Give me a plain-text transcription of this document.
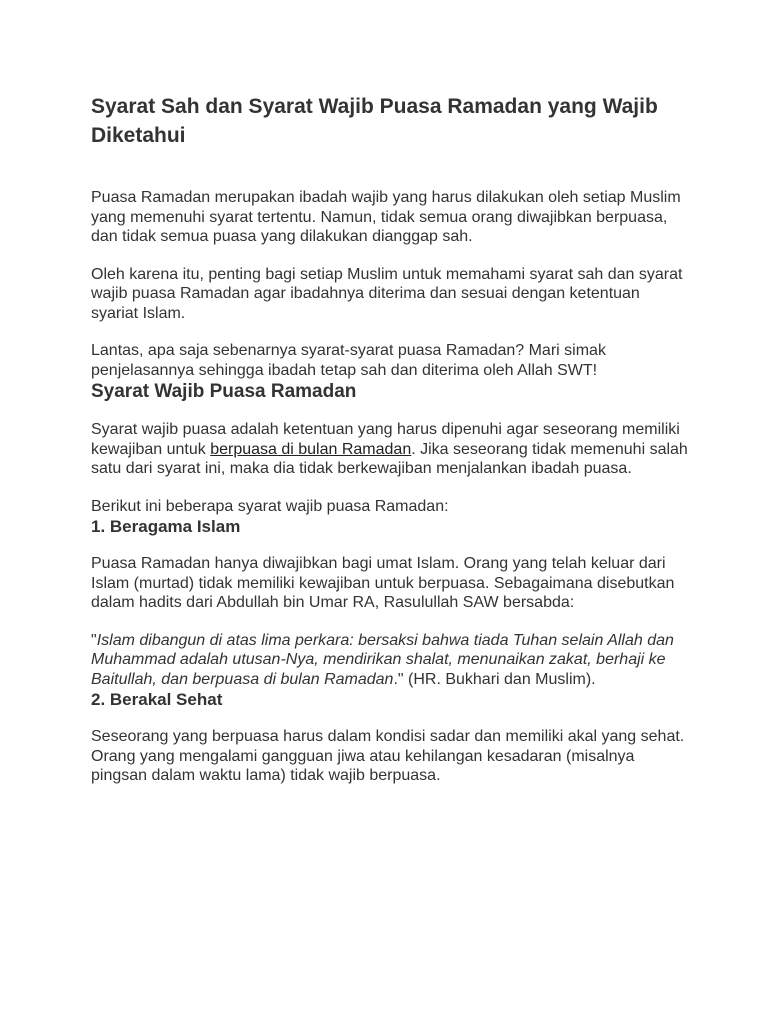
Syarat Sah dan Syarat Wajib Puasa Ramadan yang Wajib Diketahui

Puasa Ramadan merupakan ibadah wajib yang harus dilakukan oleh setiap Muslim yang memenuhi syarat tertentu. Namun, tidak semua orang diwajibkan berpuasa, dan tidak semua puasa yang dilakukan dianggap sah.

Oleh karena itu, penting bagi setiap Muslim untuk memahami syarat sah dan syarat wajib puasa Ramadan agar ibadahnya diterima dan sesuai dengan ketentuan syariat Islam.

Lantas, apa saja sebenarnya syarat-syarat puasa Ramadan? Mari simak penjelasannya sehingga ibadah tetap sah dan diterima oleh Allah SWT!

Syarat Wajib Puasa Ramadan

Syarat wajib puasa adalah ketentuan yang harus dipenuhi agar seseorang memiliki kewajiban untuk berpuasa di bulan Ramadan. Jika seseorang tidak memenuhi salah satu dari syarat ini, maka dia tidak berkewajiban menjalankan ibadah puasa.

Berikut ini beberapa syarat wajib puasa Ramadan:

1. Beragama Islam

Puasa Ramadan hanya diwajibkan bagi umat Islam. Orang yang telah keluar dari Islam (murtad) tidak memiliki kewajiban untuk berpuasa. Sebagaimana disebutkan dalam hadits dari Abdullah bin Umar RA, Rasulullah SAW bersabda:

"Islam dibangun di atas lima perkara: bersaksi bahwa tiada Tuhan selain Allah dan Muhammad adalah utusan-Nya, mendirikan shalat, menunaikan zakat, berhaji ke Baitullah, dan berpuasa di bulan Ramadan." (HR. Bukhari dan Muslim).

2. Berakal Sehat

Seseorang yang berpuasa harus dalam kondisi sadar dan memiliki akal yang sehat. Orang yang mengalami gangguan jiwa atau kehilangan kesadaran (misalnya pingsan dalam waktu lama) tidak wajib berpuasa.
